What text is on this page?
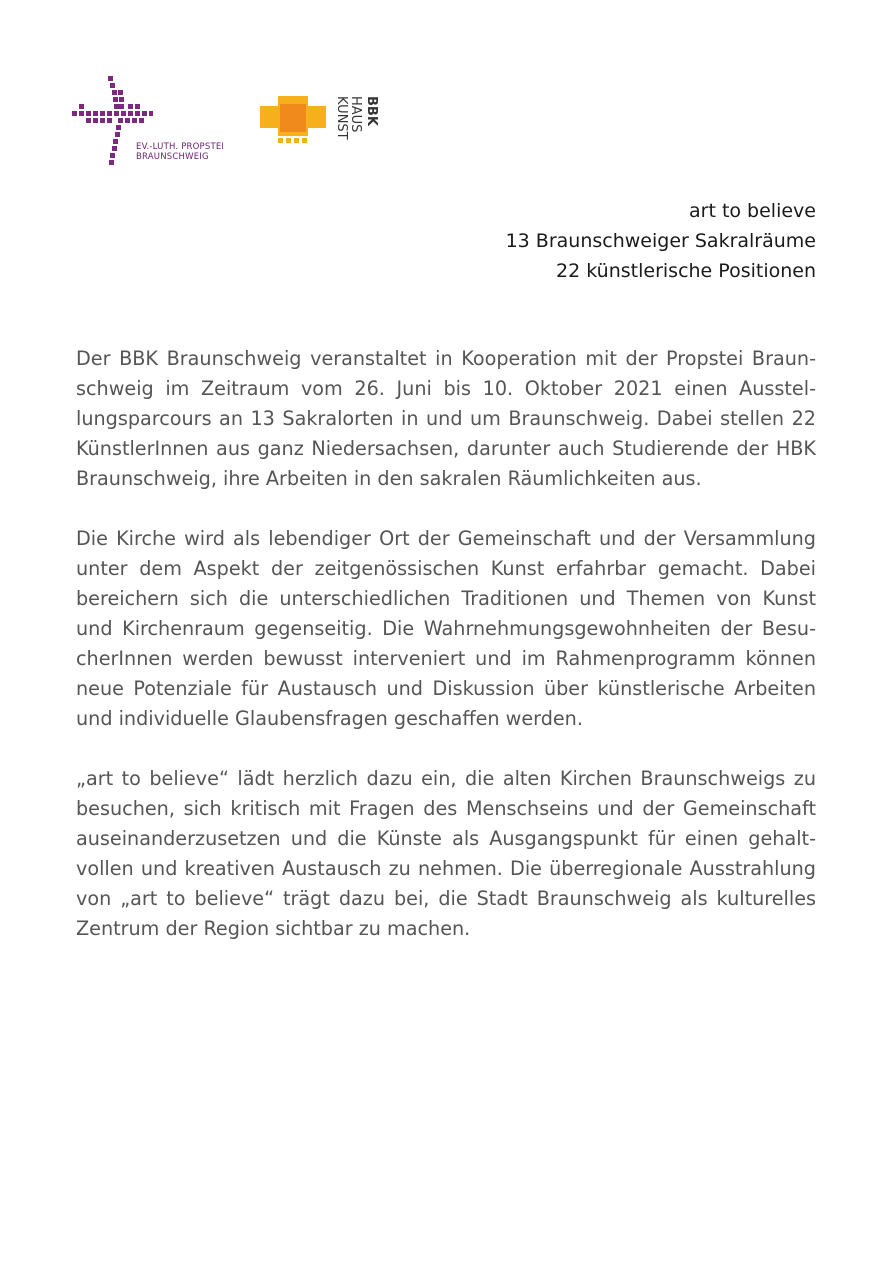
EV.-LUTH. PROPSTEI
BRAUNSCHWEIG
KUNST HAUS BBK
art to believe
13 Braunschweiger Sakralräume
22 künstlerische Positionen

Der BBK Braunschweig veranstaltet in Kooperation mit der Propstei Braunschweig im Zeitraum vom 26. Juni bis 10. Oktober 2021 einen Ausstellungsparcours an 13 Sakralorten in und um Braunschweig. Dabei stellen 22 KünstlerInnen aus ganz Niedersachsen, darunter auch Studierende der HBK Braunschweig, ihre Arbeiten in den sakralen Räumlichkeiten aus.

Die Kirche wird als lebendiger Ort der Gemeinschaft und der Versammlung unter dem Aspekt der zeitgenössischen Kunst erfahrbar gemacht. Dabei bereichern sich die unterschiedlichen Traditionen und Themen von Kunst und Kirchenraum gegenseitig. Die Wahrnehmungsgewohnheiten der BesucherInnen werden bewusst interveniert und im Rahmenprogramm können neue Potenziale für Austausch und Diskussion über künstlerische Arbeiten und individuelle Glaubensfragen geschaffen werden.

„art to believe“ lädt herzlich dazu ein, die alten Kirchen Braunschweigs zu besuchen, sich kritisch mit Fragen des Menschseins und der Gemeinschaft auseinanderzusetzen und die Künste als Ausgangspunkt für einen gehaltvollen und kreativen Austausch zu nehmen. Die überregionale Ausstrahlung von „art to believe“ trägt dazu bei, die Stadt Braunschweig als kulturelles Zentrum der Region sichtbar zu machen.
